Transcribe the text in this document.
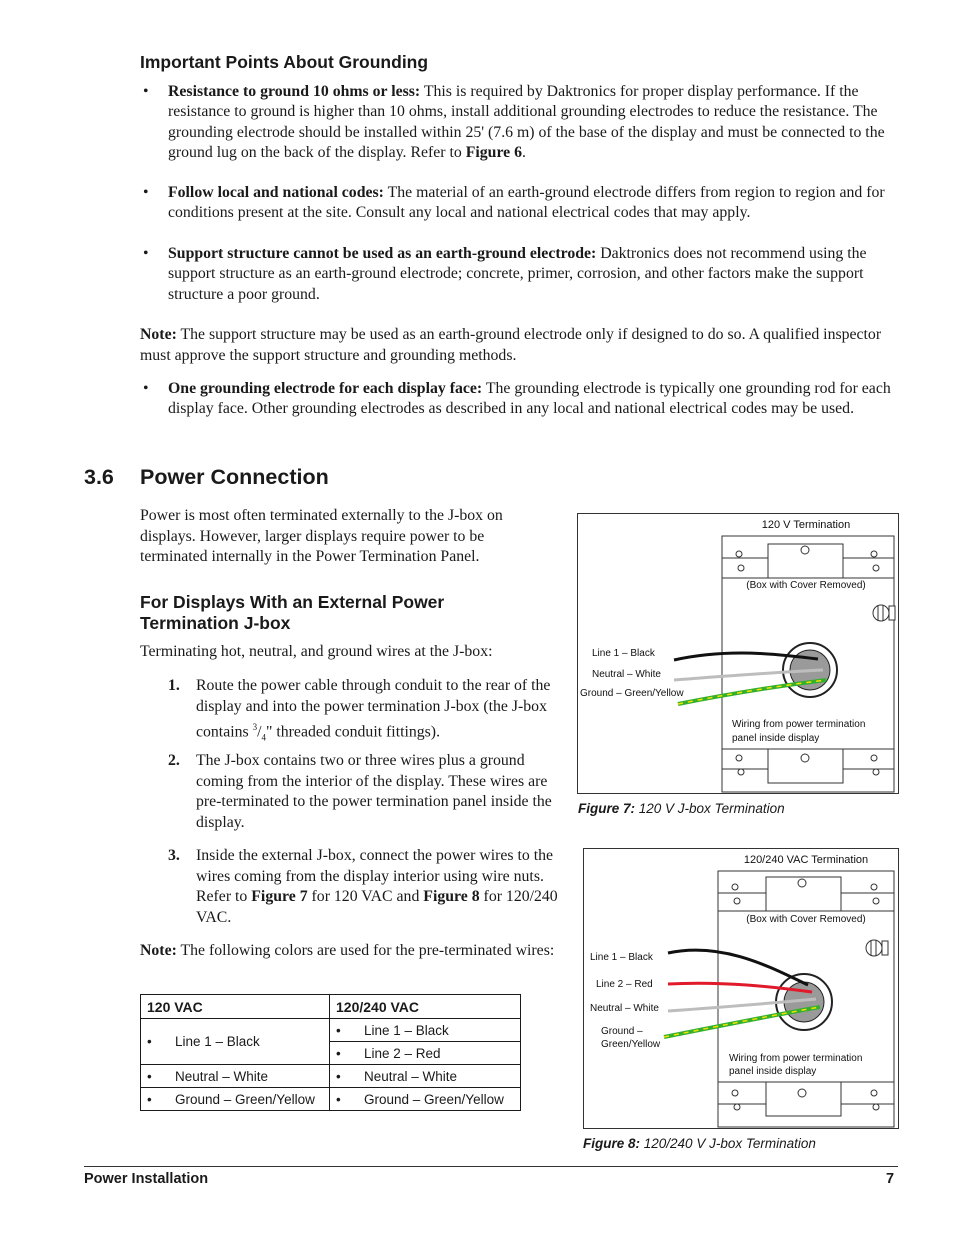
Important Points About Grounding
• Resistance to ground 10 ohms or less: This is required by Daktronics for proper display performance. If the resistance to ground is higher than 10 ohms, install additional grounding electrodes to reduce the resistance. The grounding electrode should be installed within 25' (7.6 m) of the base of the display and must be connected to the ground lug on the back of the display. Refer to Figure 6.
• Follow local and national codes: The material of an earth-ground electrode differs from region to region and for conditions present at the site. Consult any local and national electrical codes that may apply.
• Support structure cannot be used as an earth-ground electrode: Daktronics does not recommend using the support structure as an earth-ground electrode; concrete, primer, corrosion, and other factors make the support structure a poor ground.
Note: The support structure may be used as an earth-ground electrode only if designed to do so. A qualified inspector must approve the support structure and grounding methods.
• One grounding electrode for each display face: The grounding electrode is typically one grounding rod for each display face. Other grounding electrodes as described in any local and national electrical codes may be used.
3.6 Power Connection
Power is most often terminated externally to the J-box on displays. However, larger displays require power to be terminated internally in the Power Termination Panel.
For Displays With an External Power
Termination J-box
Terminating hot, neutral, and ground wires at the J-box:
1. Route the power cable through conduit to the rear of the display and into the power termination J-box (the J-box contains $^3/_4$" threaded conduit fittings).
2. The J-box contains two or three wires plus a ground coming from the interior of the display. These wires are pre-terminated to the power termination panel inside the display.
3. Inside the external J-box, connect the power wires to the wires coming from the display interior using wire nuts. Refer to Figure 7 for 120 VAC and Figure 8 for 120/240 VAC.
Note: The following colors are used for the pre-terminated wires:
120 VAC	120/240 VAC
• Line 1 – Black	• Line 1 – Black
	• Line 2 – Red
• Neutral – White	• Neutral – White
• Ground – Green/Yellow	• Ground – Green/Yellow
120 V Termination
(Box with Cover Removed)
Line 1 – Black
Neutral – White
Ground – Green/Yellow
Wiring from power termination
panel inside display
Figure 7: 120 V J-box Termination
120/240 VAC Termination
(Box with Cover Removed)
Line 1 – Black
Line 2 – Red
Neutral – White
Ground –
Green/Yellow
Wiring from power termination
panel inside display
Figure 8: 120/240 V J-box Termination
Power Installation	7
